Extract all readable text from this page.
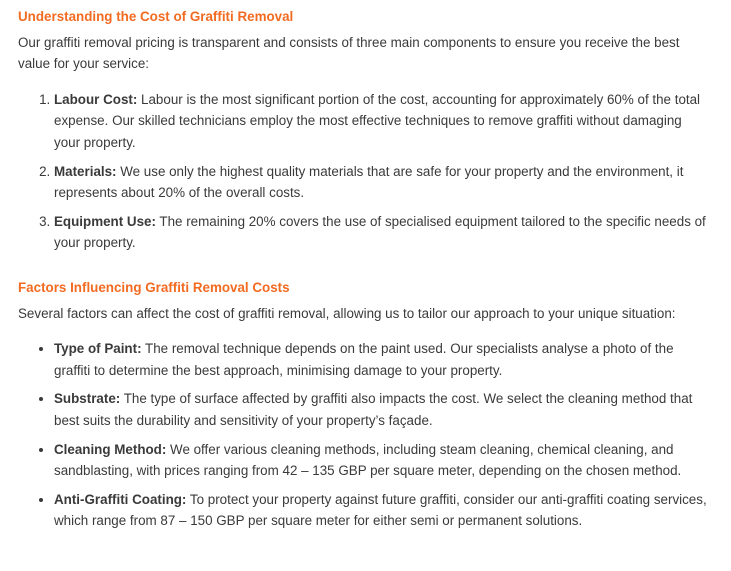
Understanding the Cost of Graffiti Removal

Our graffiti removal pricing is transparent and consists of three main components to ensure you receive the best value for your service:

1. Labour Cost: Labour is the most significant portion of the cost, accounting for approximately 60% of the total expense. Our skilled technicians employ the most effective techniques to remove graffiti without damaging your property.
2. Materials: We use only the highest quality materials that are safe for your property and the environment, it represents about 20% of the overall costs.
3. Equipment Use: The remaining 20% covers the use of specialised equipment tailored to the specific needs of your property.
Factors Influencing Graffiti Removal Costs

Several factors can affect the cost of graffiti removal, allowing us to tailor our approach to your unique situation:

• Type of Paint: The removal technique depends on the paint used. Our specialists analyse a photo of the graffiti to determine the best approach, minimising damage to your property.
• Substrate: The type of surface affected by graffiti also impacts the cost. We select the cleaning method that best suits the durability and sensitivity of your property’s façade.
• Cleaning Method: We offer various cleaning methods, including steam cleaning, chemical cleaning, and sandblasting, with prices ranging from 42 – 135 GBP per square meter, depending on the chosen method.
• Anti-Graffiti Coating: To protect your property against future graffiti, consider our anti-graffiti coating services, which range from 87 – 150 GBP per square meter for either semi or permanent solutions.
